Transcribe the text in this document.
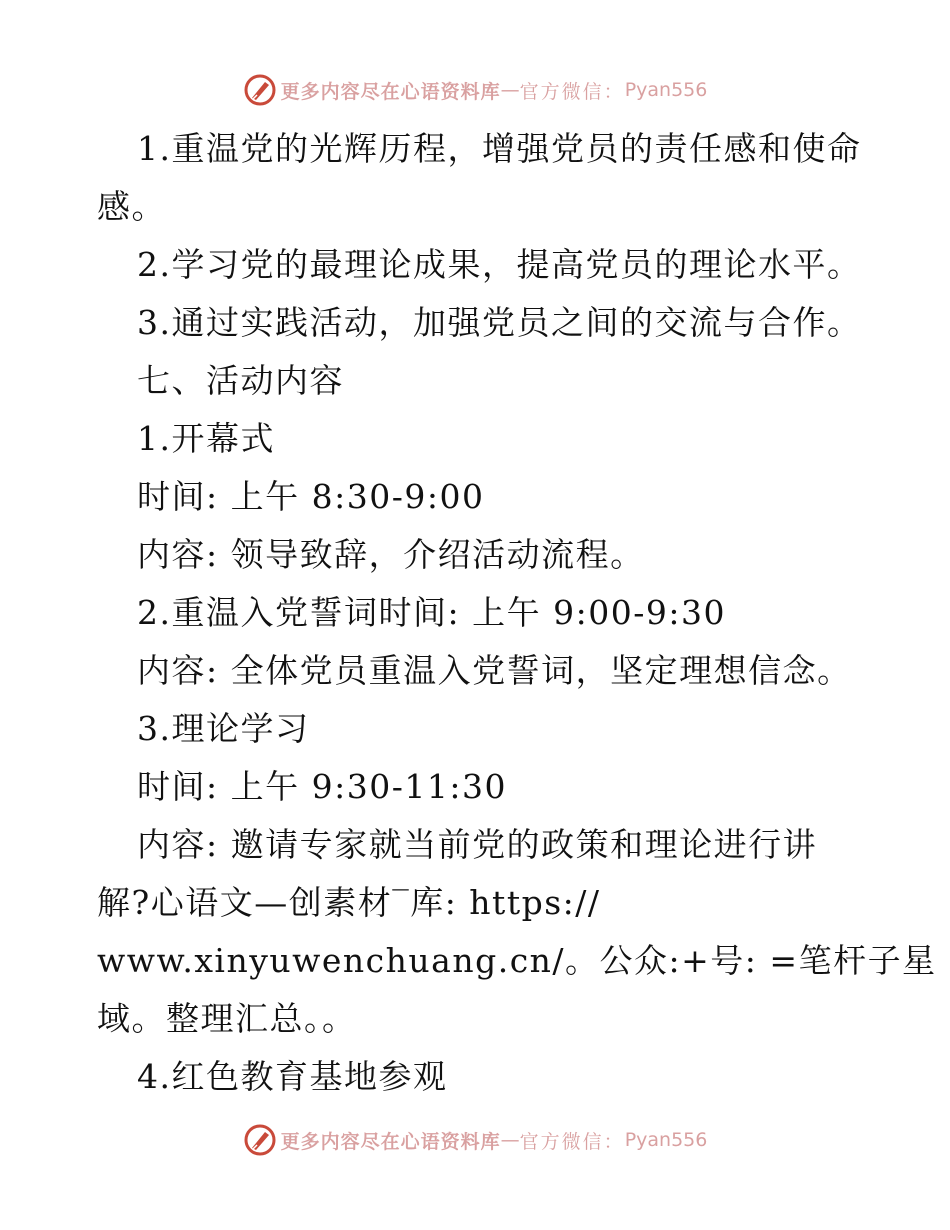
更多内容尽在心语资料库 — 官方微信： Pyan556

1.重温党的光辉历程，增强党员的责任感和使命

感。

2.学习党的最理论成果，提高党员的理论水平。

3.通过实践活动，加强党员之间的交流与合作。

七、活动内容

1.开幕式

时间: 上午 8:30-9:00

内容: 领导致辞，介绍活动流程。

2.重温入党誓词时间: 上午 9:00-9:30

内容: 全体党员重温入党誓词，坚定理想信念。

3.理论学习

时间: 上午 9:30-11:30

内容: 邀请专家就当前党的政策和理论进行讲

解?心语文—创素材‾库: https://

www.xinyuwenchuang.cn/。公众:+号: =笔杆子星

域。整理汇总。。

4.红色教育基地参观

更多内容尽在心语资料库 — 官方微信： Pyan556
